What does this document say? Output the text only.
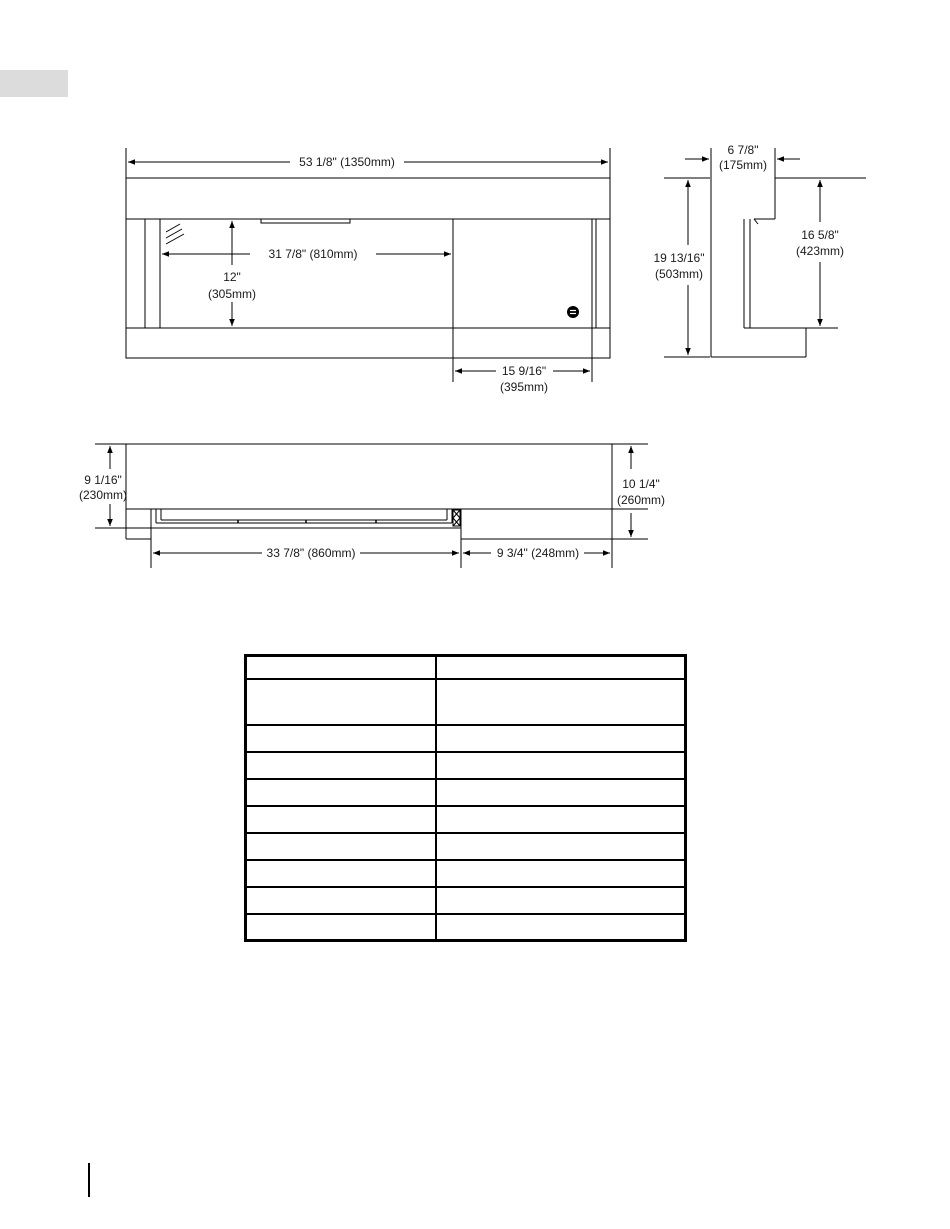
53 1/8" (1350mm)
31 7/8" (810mm)
12"
(305mm)
15 9/16"
(395mm)
6 7/8"
(175mm)
19 13/16"
(503mm)
16 5/8"
(423mm)
9 1/16"
(230mm)
10 1/4"
(260mm)
33 7/8" (860mm)	9 3/4" (248mm)
